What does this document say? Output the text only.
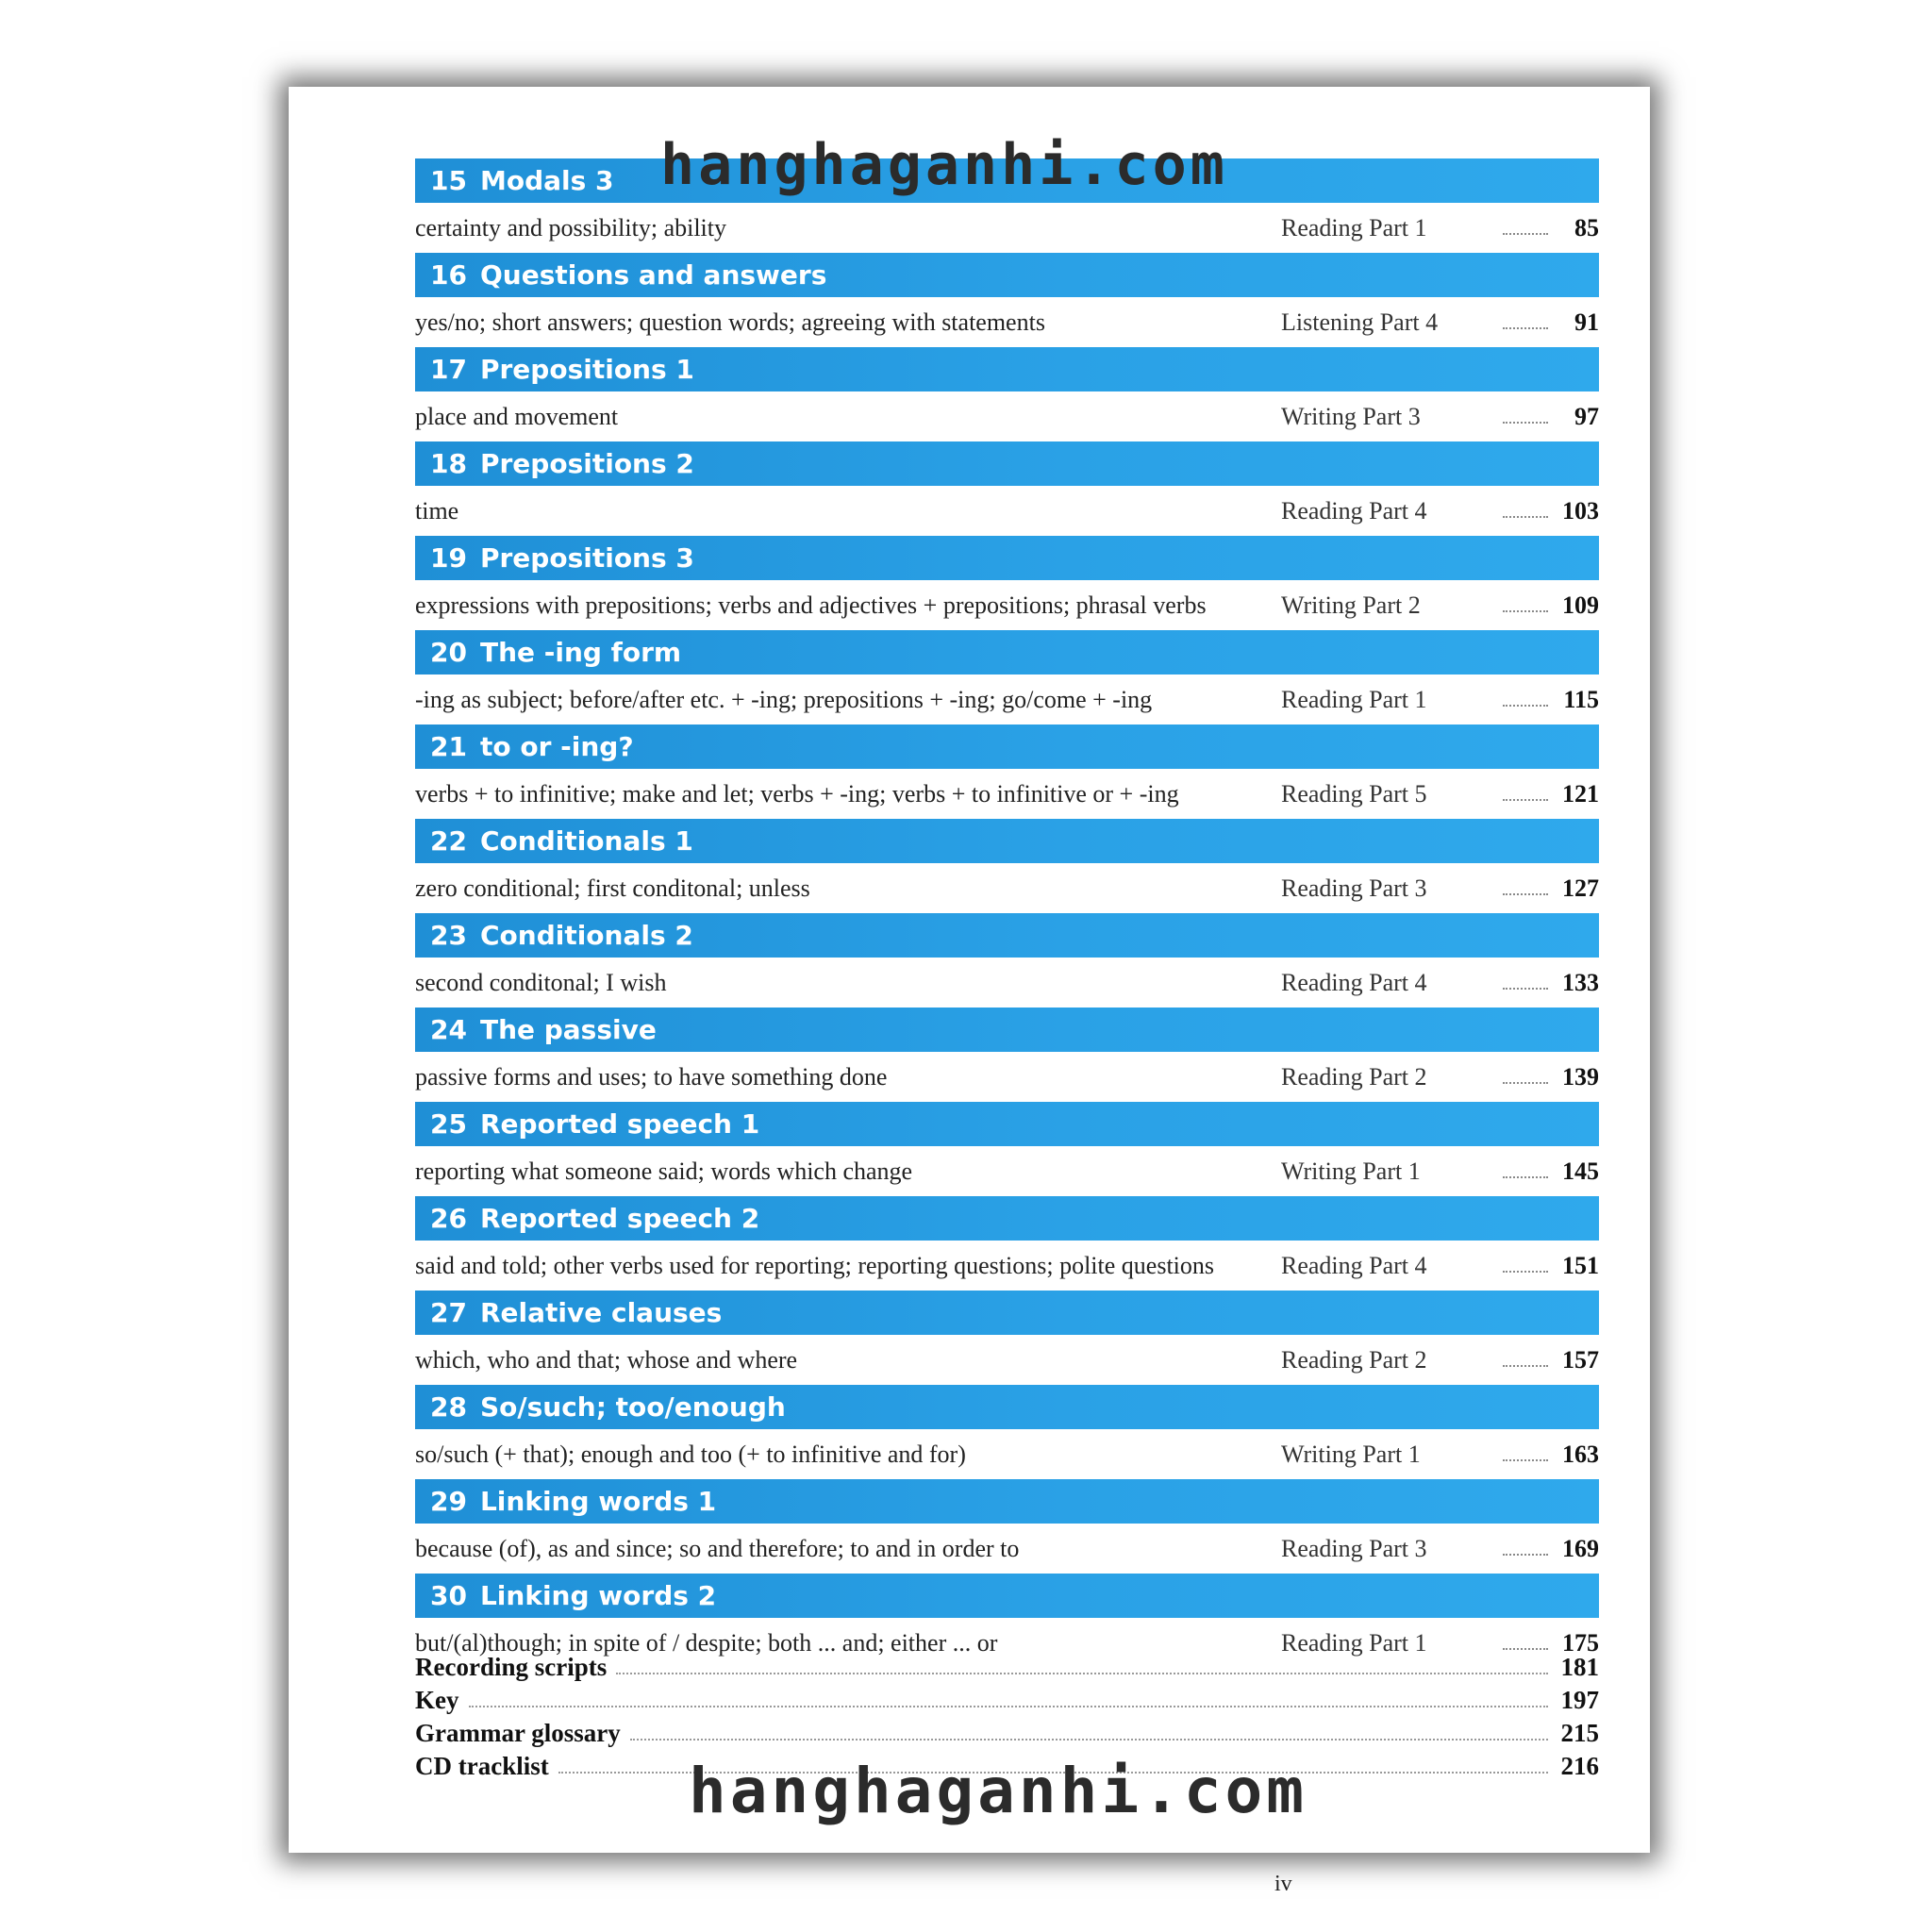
15 Modals 3
certainty and possibility; ability	Reading Part 1	85
16 Questions and answers
yes/no; short answers; question words; agreeing with statements	Listening Part 4	91
17 Prepositions 1
place and movement	Writing Part 3	97
18 Prepositions 2
time	Reading Part 4	103
19 Prepositions 3
expressions with prepositions; verbs and adjectives + prepositions; phrasal verbs	Writing Part 2	109
20 The -ing form
-ing as subject; before/after etc. + -ing; prepositions + -ing; go/come + -ing	Reading Part 1	115
21 to or -ing?
verbs + to infinitive; make and let; verbs + -ing; verbs + to infinitive or + -ing	Reading Part 5	121
22 Conditionals 1
zero conditional; first conditonal; unless	Reading Part 3	127
23 Conditionals 2
second conditonal; I wish	Reading Part 4	133
24 The passive
passive forms and uses; to have something done	Reading Part 2	139
25 Reported speech 1
reporting what someone said; words which change	Writing Part 1	145
26 Reported speech 2
said and told; other verbs used for reporting; reporting questions; polite questions	Reading Part 4	151
27 Relative clauses
which, who and that; whose and where	Reading Part 2	157
28 So/such; too/enough
so/such (+ that); enough and too (+ to infinitive and for)	Writing Part 1	163
29 Linking words 1
because (of), as and since; so and therefore; to and in order to	Reading Part 3	169
30 Linking words 2
but/(al)though; in spite of / despite; both ... and; either ... or	Reading Part 1	175
Recording scripts	181
Key	197
Grammar glossary	215
CD tracklist	216
iv
hanghaganhi.com
hanghaganhi.com
